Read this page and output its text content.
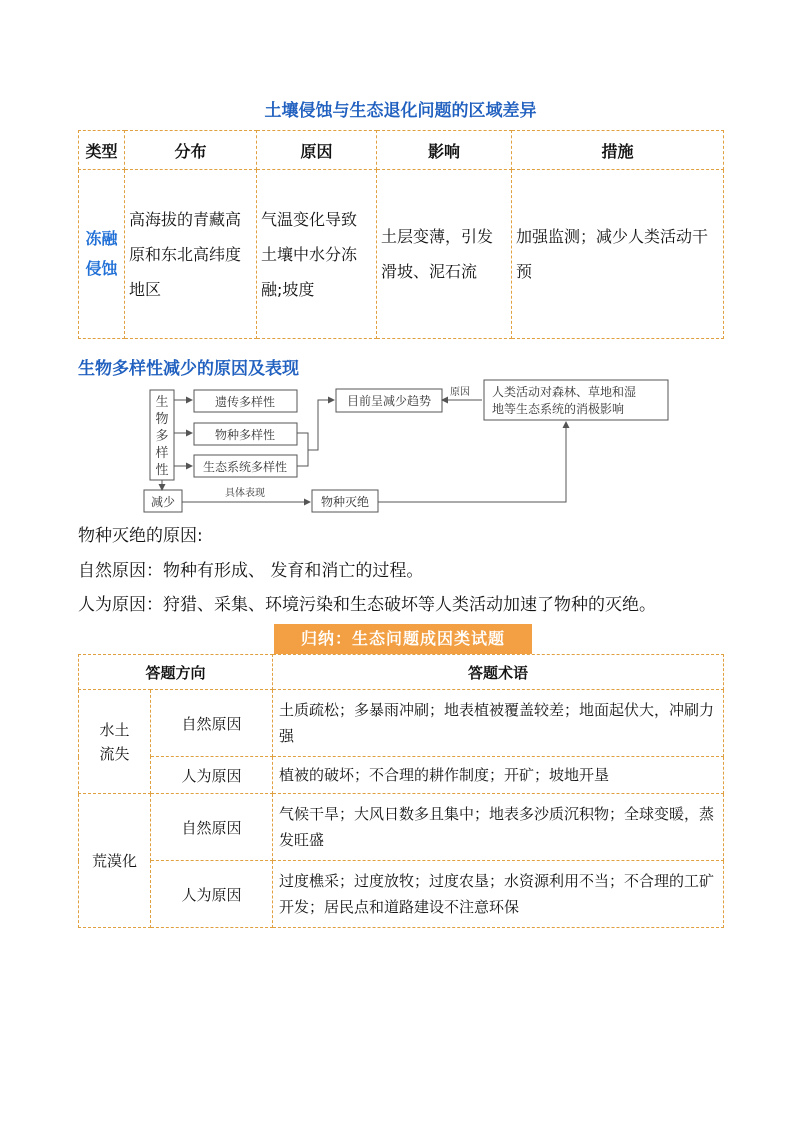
土壤侵蚀与生态退化问题的区域差异
类型	分布	原因	影响	措施

冻融
侵蚀	高海拔的青藏高原和东北高纬度地区	气温变化导致土壤中水分冻融;坡度	土层变薄，引发滑坡、泥石流	加强监测；减少人类活动干预
生物多样性减少的原因及表现
生
物
多
样
性
遗传多样性
物种多样性
生态系统多样性
目前呈减少趋势
原因 人类活动对森林、草地和湿
地等生态系统的消极影响
减少
具体表现
物种灭绝
物种灭绝的原因:
自然原因：物种有形成、 发育和消亡的过程。
人为原因：狩猎、采集、环境污染和生态破坏等人类活动加速了物种的灭绝。
归纳：生态问题成因类试题
答题方向		答题术语

水土
流失	自然原因	土质疏松；多暴雨冲刷；地表植被覆盖较差；地面起伏大，冲刷力强
	人为原因	植被的破坏；不合理的耕作制度；开矿；坡地开垦
荒漠化	自然原因	气候干旱；大风日数多且集中；地表多沙质沉积物；全球变暖，蒸发旺盛
	人为原因	过度樵采；过度放牧；过度农垦；水资源利用不当；不合理的工矿开发；居民点和道路建设不注意环保
